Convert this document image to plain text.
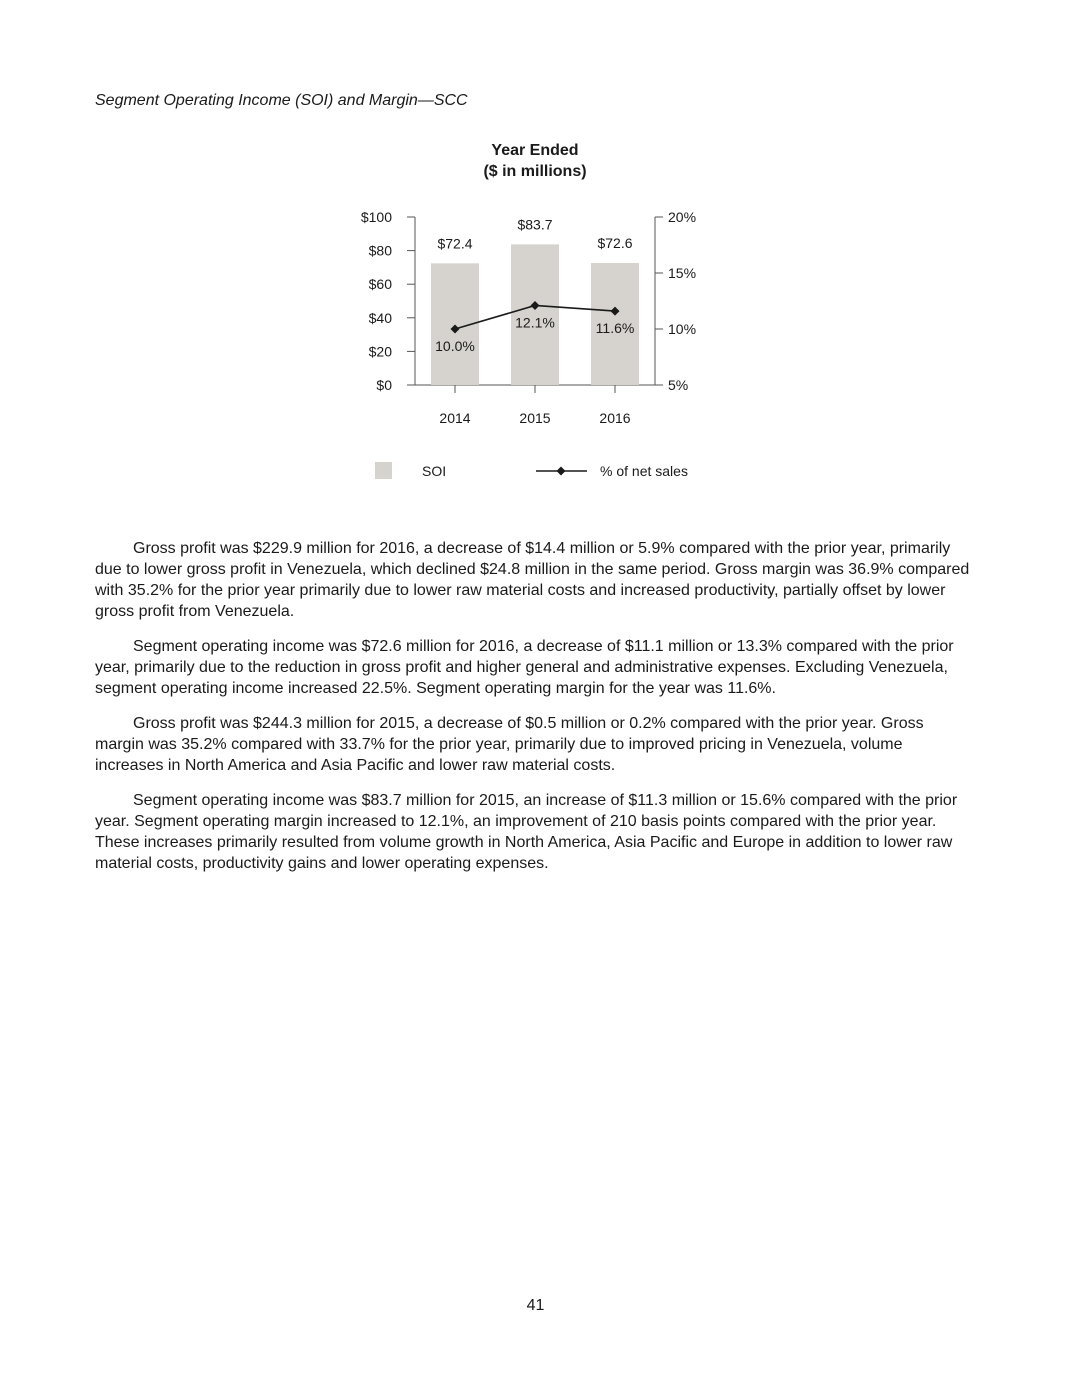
Segment Operating Income (SOI) and Margin—SCC
Year Ended
($ in millions)
$0
$20
$40
$60
$80
$100
5%
10%
15%
20%
$72.4
2014
$83.7
2015
$72.6
2016
10.0%
12.1%	11.6%
SOI	% of net sales

Gross profit was $229.9 million for 2016, a decrease of $14.4 million or 5.9% compared with the prior year, primarily due to lower gross profit in Venezuela, which declined $24.8 million in the same period. Gross margin was 36.9% compared with 35.2% for the prior year primarily due to lower raw material costs and increased productivity, partially offset by lower gross profit from Venezuela.

Segment operating income was $72.6 million for 2016, a decrease of $11.1 million or 13.3% compared with the prior year, primarily due to the reduction in gross profit and higher general and administrative expenses. Excluding Venezuela, segment operating income increased 22.5%. Segment operating margin for the year was 11.6%.

Gross profit was $244.3 million for 2015, a decrease of $0.5 million or 0.2% compared with the prior year. Gross margin was 35.2% compared with 33.7% for the prior year, primarily due to improved pricing in Venezuela, volume increases in North America and Asia Pacific and lower raw material costs.

Segment operating income was $83.7 million for 2015, an increase of $11.3 million or 15.6% compared with the prior year. Segment operating margin increased to 12.1%, an improvement of 210 basis points compared with the prior year. These increases primarily resulted from volume growth in North America, Asia Pacific and Europe in addition to lower raw material costs, productivity gains and lower operating expenses.

41
